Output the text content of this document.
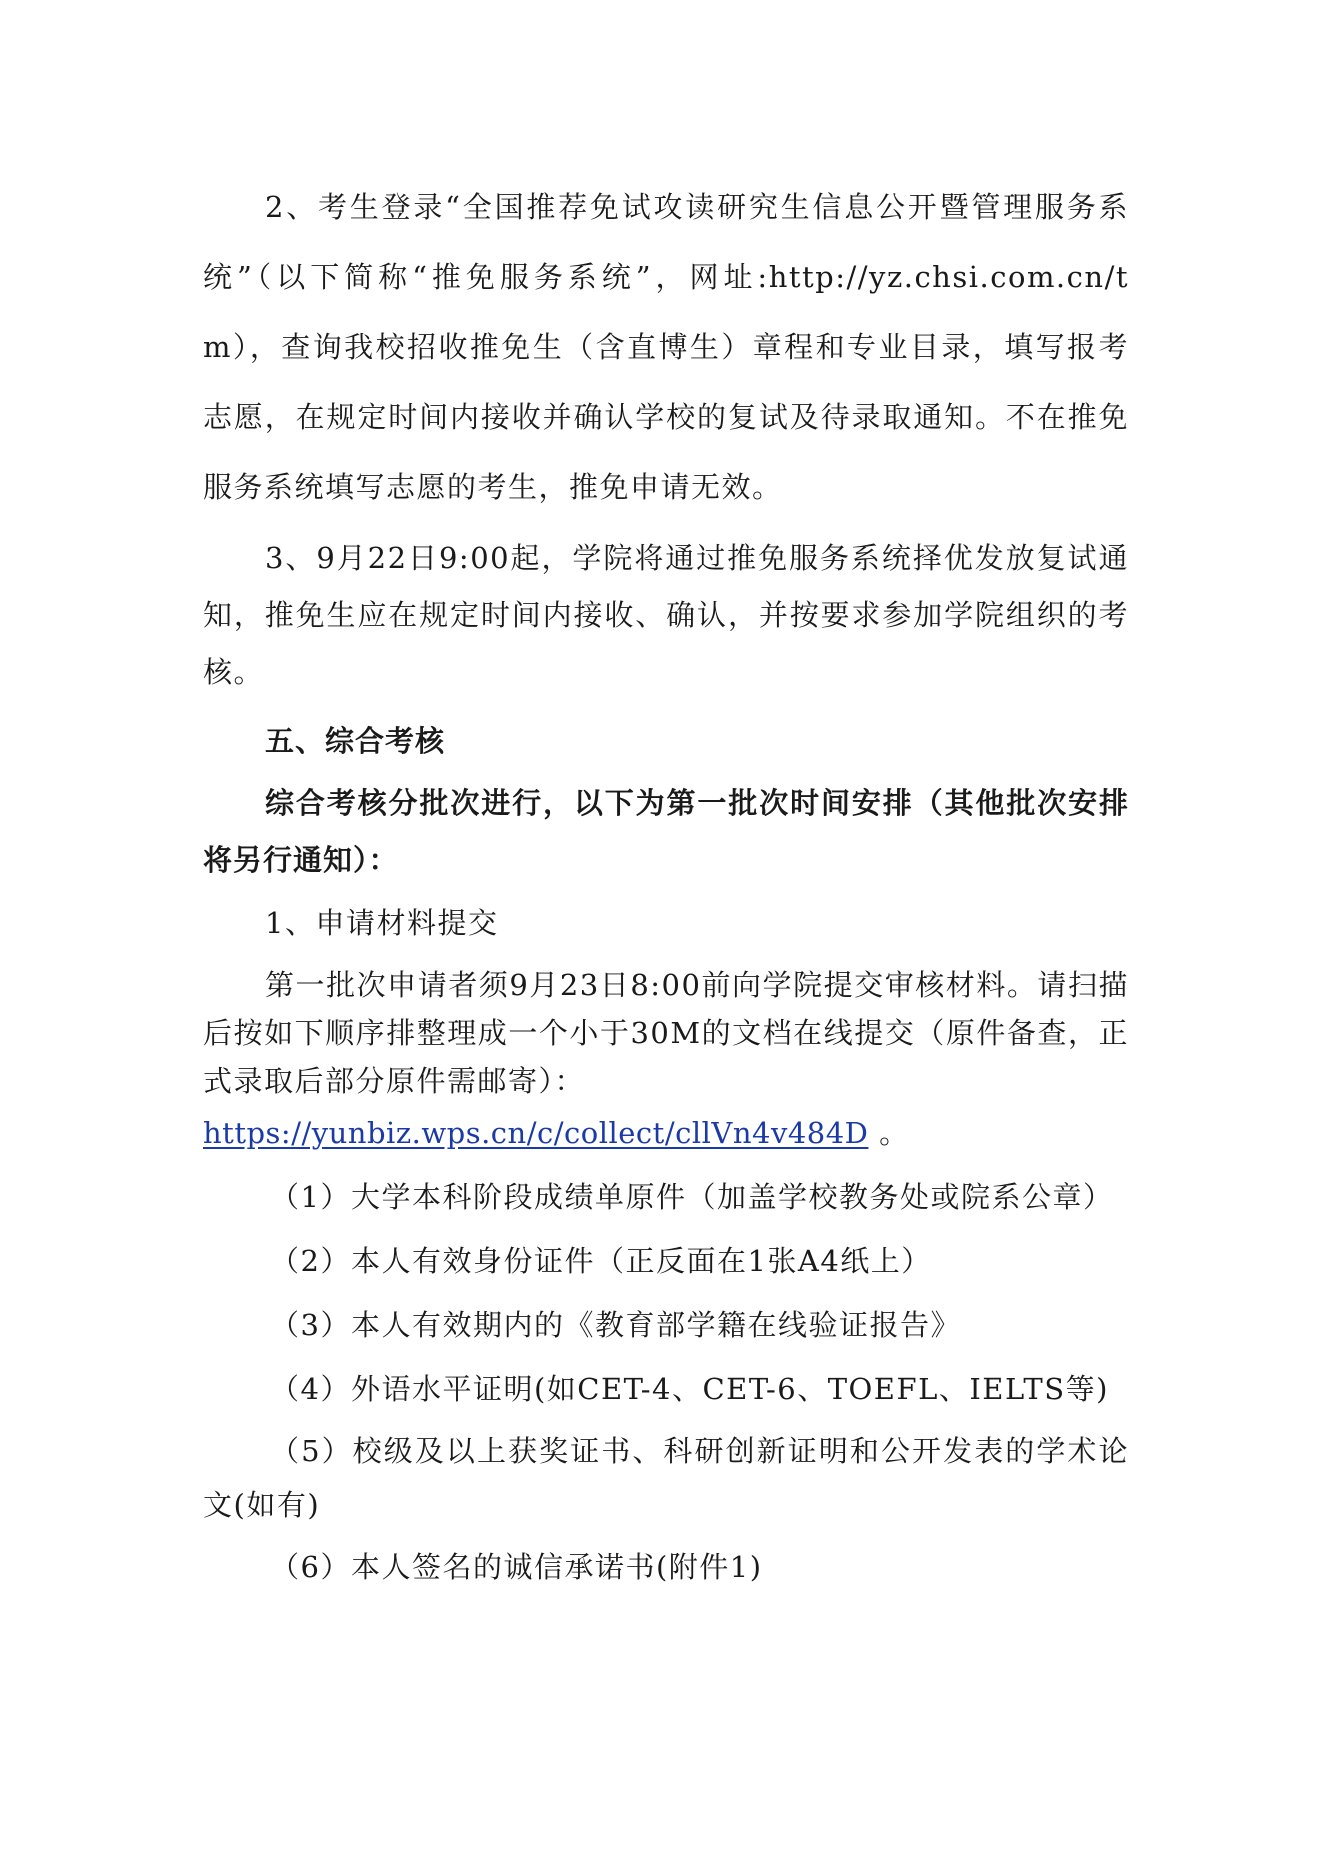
2、考生登录“全国推荐免试攻读研究生信息公开暨管理服务系统”（以下简称“推免服务系统”，网址:http://yz.chsi.com.cn/tm），查询我校招收推免生（含直博生）章程和专业目录，填写报考志愿，在规定时间内接收并确认学校的复试及待录取通知。不在推免服务系统填写志愿的考生，推免申请无效。

3、9月22日9:00起，学院将通过推免服务系统择优发放复试通知，推免生应在规定时间内接收、确认，并按要求参加学院组织的考核。

五、综合考核

综合考核分批次进行，以下为第一批次时间安排（其他批次安排将另行通知）：

1、申请材料提交

第一批次申请者须9月23日8:00前向学院提交审核材料。请扫描后按如下顺序排整理成一个小于30M的文档在线提交（原件备查，正式录取后部分原件需邮寄）：

https://yunbiz.wps.cn/c/collect/cllVn4v484D 。

（1）大学本科阶段成绩单原件（加盖学校教务处或院系公章）

（2）本人有效身份证件（正反面在1张A4纸上）

（3）本人有效期内的《教育部学籍在线验证报告》

（4）外语水平证明(如CET-4、CET-6、TOEFL、IELTS等)

（5）校级及以上获奖证书、科研创新证明和公开发表的学术论文(如有)

（6）本人签名的诚信承诺书(附件1)
